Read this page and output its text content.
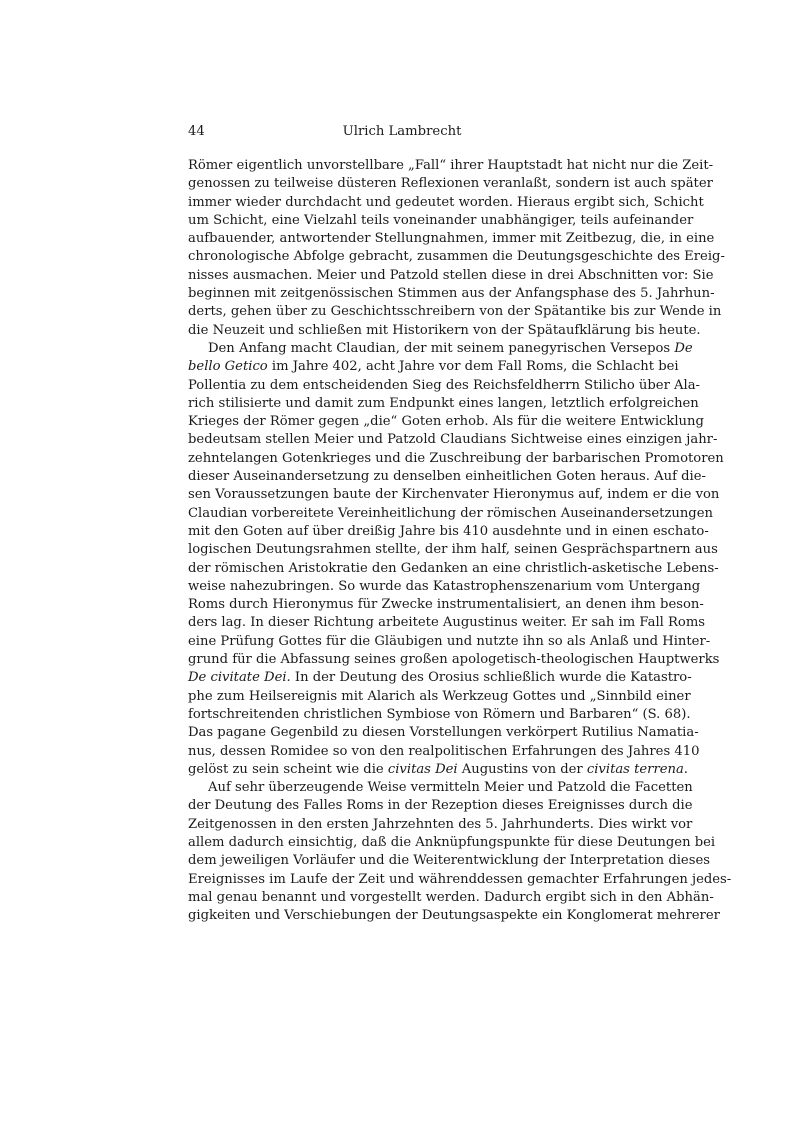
44	Ulrich Lambrecht
Römer eigentlich unvorstellbare „Fall“ ihrer Hauptstadt hat nicht nur die Zeit-
genossen zu teilweise düsteren Reflexionen veranlaßt, sondern ist auch später
immer wieder durchdacht und gedeutet worden. Hieraus ergibt sich, Schicht
um Schicht, eine Vielzahl teils voneinander unabhängiger, teils aufeinander
aufbauender, antwortender Stellungnahmen, immer mit Zeitbezug, die, in eine
chronologische Abfolge gebracht, zusammen die Deutungsgeschichte des Ereig-
nisses ausmachen. Meier und Patzold stellen diese in drei Abschnitten vor: Sie
beginnen mit zeitgenössischen Stimmen aus der Anfangsphase des 5. Jahrhun-
derts, gehen über zu Geschichtsschreibern von der Spätantike bis zur Wende in
die Neuzeit und schließen mit Historikern von der Spätaufklärung bis heute.
Den Anfang macht Claudian, der mit seinem panegyrischen Versepos De
bello Getico im Jahre 402, acht Jahre vor dem Fall Roms, die Schlacht bei
Pollentia zu dem entscheidenden Sieg des Reichsfeldherrn Stilicho über Ala-
rich stilisierte und damit zum Endpunkt eines langen, letztlich erfolgreichen
Krieges der Römer gegen „die“ Goten erhob. Als für die weitere Entwicklung
bedeutsam stellen Meier und Patzold Claudians Sichtweise eines einzigen jahr-
zehntelangen Gotenkrieges und die Zuschreibung der barbarischen Promotoren
dieser Auseinandersetzung zu denselben einheitlichen Goten heraus. Auf die-
sen Voraussetzungen baute der Kirchenvater Hieronymus auf, indem er die von
Claudian vorbereitete Vereinheitlichung der römischen Auseinandersetzungen
mit den Goten auf über dreißig Jahre bis 410 ausdehnte und in einen eschato-
logischen Deutungsrahmen stellte, der ihm half, seinen Gesprächspartnern aus
der römischen Aristokratie den Gedanken an eine christlich-asketische Lebens-
weise nahezubringen. So wurde das Katastrophenszenarium vom Untergang
Roms durch Hieronymus für Zwecke instrumentalisiert, an denen ihm beson-
ders lag. In dieser Richtung arbeitete Augustinus weiter. Er sah im Fall Roms
eine Prüfung Gottes für die Gläubigen und nutzte ihn so als Anlaß und Hinter-
grund für die Abfassung seines großen apologetisch-theologischen Hauptwerks
De civitate Dei. In der Deutung des Orosius schließlich wurde die Katastro-
phe zum Heilsereignis mit Alarich als Werkzeug Gottes und „Sinnbild einer
fortschreitenden christlichen Symbiose von Römern und Barbaren“ (S. 68).
Das pagane Gegenbild zu diesen Vorstellungen verkörpert Rutilius Namatia-
nus, dessen Romidee so von den realpolitischen Erfahrungen des Jahres 410
gelöst zu sein scheint wie die civitas Dei Augustins von der civitas terrena.
Auf sehr überzeugende Weise vermitteln Meier und Patzold die Facetten
der Deutung des Falles Roms in der Rezeption dieses Ereignisses durch die
Zeitgenossen in den ersten Jahrzehnten des 5. Jahrhunderts. Dies wirkt vor
allem dadurch einsichtig, daß die Anknüpfungspunkte für diese Deutungen bei
dem jeweiligen Vorläufer und die Weiterentwicklung der Interpretation dieses
Ereignisses im Laufe der Zeit und währenddessen gemachter Erfahrungen jedes-
mal genau benannt und vorgestellt werden. Dadurch ergibt sich in den Abhän-
gigkeiten und Verschiebungen der Deutungsaspekte ein Konglomerat mehrerer
